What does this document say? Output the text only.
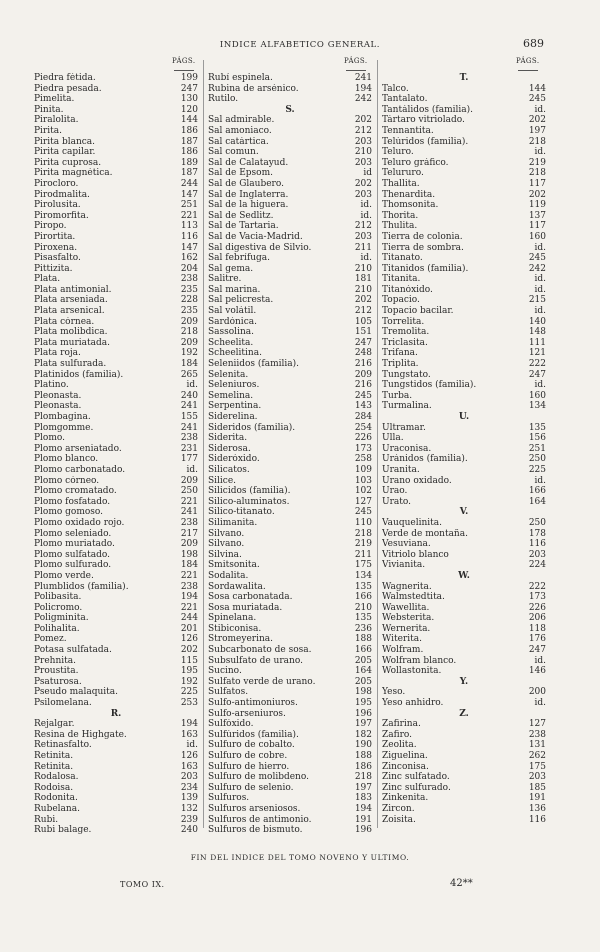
INDICE ALFABETICO GENERAL.	689
PÁGS.	PÁGS.	PÁGS.
Piedra fétida.	199
Piedra pesada.	247
Pimelita.	130
Pinita.	120
Piralolita.	144
Pirita.	186
Pirita blanca.	187
Pirita capilar.	186
Pirita cuprosa.	189
Pirita magnética.	187
Pirocloro.	244
Pirodmalita.	147
Pirolusita.	251
Piromorfita.	221
Piropo.	113
Pirortita.	116
Piroxena.	147
Pisasfalto.	162
Pittizita.	204
Plata.	238
Plata antimonial.	235
Plata arseniada.	228
Plata arsenical.	235
Plata córnea.	209
Plata molibdica.	218
Plata muriatada.	209
Plata roja.	192
Plata sulfurada.	184
Platinidos (familia).	265
Platino.	id.
Pleonasta.	240
Pleonasta.	241
Plombagina.	155
Plomgomme.	241
Plomo.	238
Plomo arseniatado.	231
Plomo blanco.	177
Plomo carbonatado.	id.
Plomo córneo.	209
Plomo cromatado.	250
Plomo fosfatado.	221
Plomo gomoso.	241
Plomo oxidado rojo.	238
Plomo seleniado.	217
Plomo muriatado.	209
Plomo sulfatado.	198
Plomo sulfurado.	184
Plomo verde.	221
Plumblidos (familia).	238
Polibasita.	194
Policromo.	221
Poligminita.	244
Polihalita.	201
Pomez.	126
Potasa sulfatada.	202
Prehnita.	115
Proustita.	195
Psaturosa.	192
Pseudo malaquita.	225
Psilomelana.	253
R.
Rejalgar.	194
Resina de Highgate.	163
Retinasfalto.	id.
Retinita.	126
Retinita.	163
Rodalosa.	203
Rodoisa.	234
Rodonita.	139
Rubelana.	132
Rubi.	239
Rubi balage.	240
Rubí espinela.	241
Rubina de arsénico.	194
Rutilo.	242
S.
Sal admirable.	202
Sal amoniaco.	212
Sal catártica.	203
Sal comun.	210
Sal de Calatayud.	203
Sal de Epsom.	id
Sal de Glaubero.	202
Sal de Inglaterra.	203
Sal de la higuera.	id.
Sal de Sedlitz.	id.
Sal de Tartaria.	212
Sal de Vacia-Madrid.	203
Sal digestiva de Silvio.	211
Sal febrífuga.	id.
Sal gema.	210
Salitre.	181
Sal marina.	210
Sal pelicresta.	202
Sal volátil.	212
Sardónica.	105
Sassolina.	151
Scheelita.	247
Scheelitina.	248
Seleniidos (familia).	216
Selenita.	209
Seleniuros.	216
Semelina.	245
Serpentina.	143
Siderelina.	284
Sideridos (familia).	254
Siderita.	226
Siderosa.	173
Sideróxido.	258
Silicatos.	109
Silice.	103
Silicidos (familia).	102
Silico-aluminatos.	127
Silico-titanato.	245
Silimanita.	110
Silvano.	218
Silvano.	219
Silvina.	211
Smitsonita.	175
Sodalita.	134
Sordawalita.	135
Sosa carbonatada.	166
Sosa muriatada.	210
Spinelana.	135
Stibiconisa.	236
Stromeyerina.	188
Subcarbonato de sosa.	166
Subsulfato de urano.	205
Sucino.	164
Sulfato verde de urano.	205
Sulfatos.	198
Sulfo-antimoniuros.	195
Sulfo-arseniuros.	196
Sulfóxido.	197
Sulfúridos (familia).	182
Sulfuro de cobalto.	190
Sulfuro de cobre.	188
Sulfuro de hierro.	186
Sulfuro de molibdeno.	218
Sulfuro de selenio.	197
Sulfuros.	183
Sulfuros arseniosos.	194
Sulfuros de antimonio.	191
Sulfuros de bismuto.	196
T.
Talco.	144
Tantalato.	245
Tantálidos (familia).	id.
Tártaro vitriolado.	202
Tennantita.	197
Telúridos (familia).	218
Teluro.	id.
Teluro gráfico.	219
Telururo.	218
Thallita.	117
Thenardita.	202
Thomsonita.	119
Thorita.	137
Thulita.	117
Tierra de colonia.	160
Tierra de sombra.	id.
Titanato.	245
Titanidos (familia).	242
Titanita.	id.
Titanóxido.	id.
Topacio.	215
Topacio bacilar.	id.
Torrelita.	140
Tremolita.	148
Triclasita.	111
Trifana.	121
Triplita.	222
Tungstato.	247
Tungstidos (familia).	id.
Turba.	160
Turmalina.	134
U.
Ultramar.	135
Ulla.	156
Uraconisa.	251
Uránidos (familia).	250
Uranita.	225
Urano oxidado.	id.
Urao.	166
Urato.	164
V.
Vauquelinita.	250
Verde de montaña.	178
Vesuviana.	116
Vitriolo blanco	203
Vivianita.	224
W.
Wagnerita.	222
Walmstedtita.	173
Wawellita.	226
Websterita.	206
Wernerita.	118
Witerita.	176
Wolfram.	247
Wolfram blanco.	id.
Wollastonita.	146
Y.
Yeso.	200
Yeso anhidro.	id.
Z.
Zafirina.	127
Zafiro.	238
Zeolita.	131
Ziguelina.	262
Zinconisa.	175
Zinc sulfatado.	203
Zinc sulfurado.	185
Zinkenita.	191
Zircon.	136
Zoisita.	116
FIN DEL INDICE DEL TOMO NOVENO Y ULTIMO.
TOMO IX.	42**
